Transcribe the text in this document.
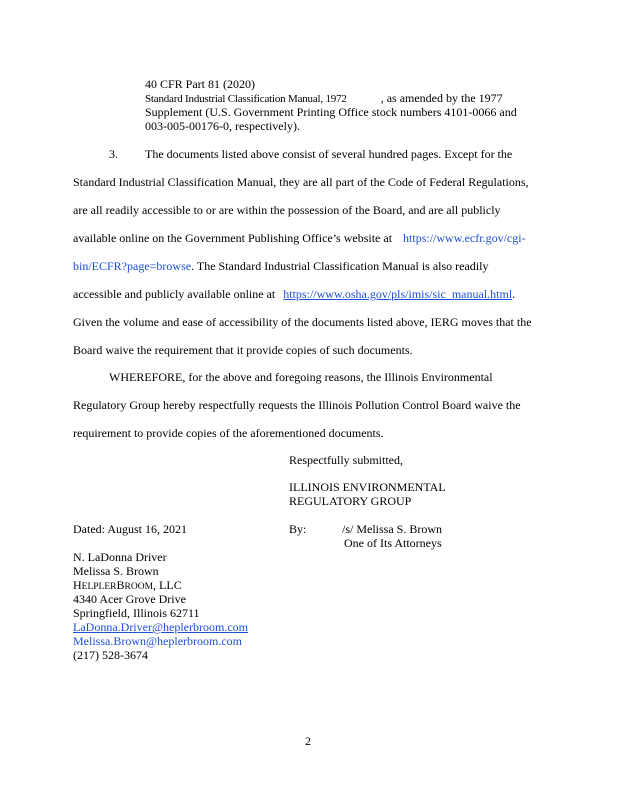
40 CFR Part 81 (2020)
Standard Industrial Classification Manual, 1972	, as amended by the 1977
Supplement (U.S. Government Printing Office stock numbers 4101-0066 and
003-005-00176-0, respectively).
3. The documents listed above consist of several hundred pages. Except for the
Standard Industrial Classification Manual, they are all part of the Code of Federal Regulations,
are all readily accessible to or are within the possession of the Board, and are all publicly
available online on the Government Publishing Office’s website at https://www.ecfr.gov/cgi-
bin/ECFR?page=browse. The Standard Industrial Classification Manual is also readily
accessible and publicly available online at https://www.osha.gov/pls/imis/sic_manual.html.
Given the volume and ease of accessibility of the documents listed above, IERG moves that the
Board waive the requirement that it provide copies of such documents.
WHEREFORE, for the above and foregoing reasons, the Illinois Environmental
Regulatory Group hereby respectfully requests the Illinois Pollution Control Board waive the
requirement to provide copies of the aforementioned documents.
Respectfully submitted,
ILLINOIS ENVIRONMENTAL
REGULATORY GROUP
Dated: August 16, 2021	By:	/s/ Melissa S. Brown
One of Its Attorneys
N. LaDonna Driver
Melissa S. Brown
HELPLERBROOM, LLC
4340 Acer Grove Drive
Springfield, Illinois 62711
LaDonna.Driver@heplerbroom.com
Melissa.Brown@heplerbroom.com
(217) 528-3674
2
